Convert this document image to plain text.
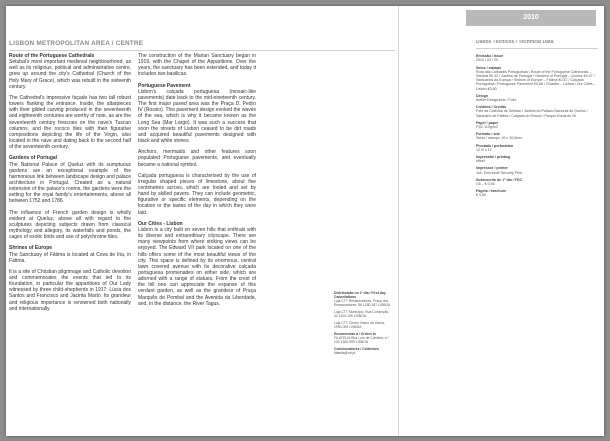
2010
LISBON METROPOLITAN AREA / CENTRE
Route of the Portuguese Cathedrals

Setubal's most important medieval neighbourhood, as well as its religious, political and administrative centre, grew up around the city's Cathedral (Church of the Holy Mary of Grace), which was rebuilt in the sixteenth century.

The Cathedral's impressive façade has two tall robust towers flanking the entrance. Inside, the altarpieces with their gilded carving produced in the seventeenth and eighteenth centuries are worthy of note, as are the seventeenth century frescoes on the nave's Tuscan columns, and the rococo tiles with their figurative compositions depicting the life of the Virgin, also located in the nave and dating back to the second half of the seventeenth century.

Gardens of Portugal

The National Palace of Queluz with its sumptuous gardens are an exceptional example of the harmonious link between landscape design and palace architecture in Portugal. Created as a natural extension of the palace's rooms, the gardens were the setting for the royal family's entertainments, above all between 1752 and 1786.

The influence of French garden design is wholly evident at Queluz, above all with regard to the sculptures depicting subjects drawn from classical mythology and allegory, its waterfalls and ponds, the cages of exotic birds and use of polychrome tiles.

Shrines of Europe

The Sanctuary of Fátima is located at Cova de Iria, in Fátima.

It is a site of Christian pilgrimage and Catholic devotion and commemorates the events that led to its foundation, in particular the apparitions of Our Lady witnessed by three child-shepherds in 1917: Lúcia dos Santos and Francisco and Jacinta Marto. Its grandeur and religious importance is renowned both nationally and internationally.

The construction of the Marian Sanctuary began in 1919, with the Chapel of the Apparitions. Over the years, the sanctuary has been extended, and today it includes two basilicas.

Portuguese Pavement

Lisbon's calçada portuguesa (mosaic-like pavements) date back to the mid-nineteenth century. The first major paved area was the Praça D. Pedro IV (Rossio). This pavement design evoked the waves of the sea, which is why it became known as the Long Sea (Mar Largo). It was such a success that soon the streets of Lisbon ceased to be dirt roads and acquired beautiful pavements designed with black and white stones.

Anchors, mermaids and other features soon populated Portuguese pavements, and eventually became a national symbol.

Calçada portuguesa is characterised by the use of irregular shaped pieces of limestone, about five centimetres across, which are tooled and set by hand by skilled pavers. They can include geometric, figurative or specific elements, depending on the location or the tastes of the day in which they were laid.

Our Cities - Lisbon

Lisbon is a city built on seven hills that enthrals with its diverse and extraordinary cityscape. There are many viewpoints from where striking views can be enjoyed. The Edward VII park located on one of the hills offers some of the most beautiful views of the city. This space is defined by its enormous, central lawn covered avenue with its decorative calçada portuguesa promenades on either side, which are adorned with a range of statues. From the crest of the hill one can appreciate the expanse of this verdant garden, as well as the grandeur of Praça Marquês de Pombal and the Avenida da Liberdade, and, in the distance, the River Tagus.

Distribuição no 1º dia / First-day Cancellations
Loja CTT Restauradores, Praça dos Restauradores, 58 1250-187 LISBOA
Loja CTT Município, Rua Conceição, 42 1100-109 LISBOA
Loja CTT Centro Vasco da Gama, 1990-094 LISBOA
Encomendas a / Orders to
FILATELIA Rua Luís de Camões, n.º 133 1300-999 LISBOA
Colecionadores / Collectors
filatelia@ctt.pt
Dados Técnicos / Technical Data
Emissão / Issue
2010 / 04 / 20
Selos / stamps
Rota das Catedrais Portuguesas / Route of the Portuguese Cathedrals – Setúbal €0,32 / Jardins de Portugal / Gardens of Portugal – Queluz €0,47 / Santuários da Europa / Shrines of Europe – Fátima €0,57 / Calçada Portuguesa / Portuguese Pavement €0,68 / Cidades – Lisboa / Our Cities – Lisbon €0,80
Design
Atelier Design&etc / Folio
Créditos / Credits
Foto da Catedral de Setúbal / Jardins do Palácio Nacional de Queluz / Santuário de Fátima / Calçada do Rossio / Parque Eduardo VII
Papel / paper
FSC 110g/m2
Formato / size
Selos / stamps: 40 x 30,6mm
Picotado / perforation
12 ½ x 12
Impressão / printing
offset
Impressor / printer
Joh. Enschedé Security Print
Sobrescrito de 1º dia / FDC
C6 – € 0,56
Pagela / brochure
€ 0,60
